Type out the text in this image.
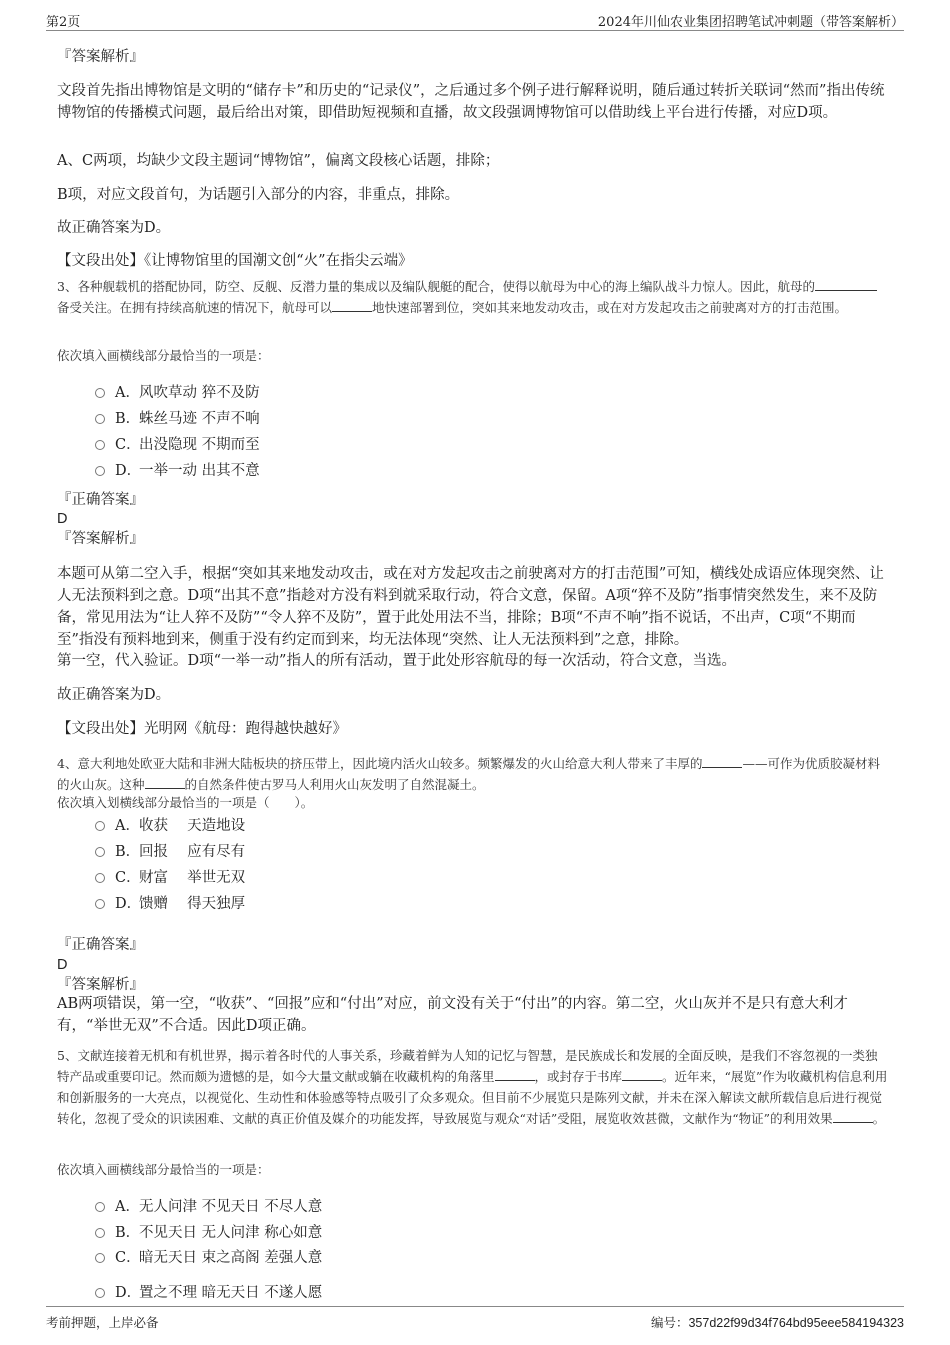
第2页	2024年川仙农业集团招聘笔试冲刺题（带答案解析）
『答案解析』
文段首先指出博物馆是文明的“储存卡”和历史的“记录仪”，之后通过多个例子进行解释说明，随后通过转折关联词“然而”指出传统博物馆的传播模式问题，最后给出对策，即借助短视频和直播，故文段强调博物馆可以借助线上平台进行传播，对应D项。
A、C两项，均缺少文段主题词“博物馆”，偏离文段核心话题，排除；
B项，对应文段首句，为话题引入部分的内容，非重点，排除。
故正确答案为D。
【文段出处】《让博物馆里的国潮文创“火”在指尖云端》
3、各种舰载机的搭配协同，防空、反舰、反潜力量的集成以及编队舰艇的配合，使得以航母为中心的海上编队战斗力惊人。因此，航母的备受关注。在拥有持续高航速的情况下，航母可以	地快速部署到位，突如其来地发动攻击，或在对方发起攻击之前驶离对方的打击范围。
依次填入画横线部分最恰当的一项是：
A．风吹草动 猝不及防
B．蛛丝马迹 不声不响
C．出没隐现 不期而至
D．一举一动 出其不意
『正确答案』
D
『答案解析』
本题可从第二空入手，根据“突如其来地发动攻击，或在对方发起攻击之前驶离对方的打击范围”可知，横线处成语应体现突然、让人无法预料到之意。D项“出其不意”指趁对方没有料到就采取行动，符合文意，保留。A项“猝不及防”指事情突然发生，来不及防备，常见用法为“让人猝不及防”“令人猝不及防”，置于此处用法不当，排除；B项“不声不响”指不说话，不出声，C项“不期而至”指没有预料地到来，侧重于没有约定而到来，均无法体现“突然、让人无法预料到”之意，排除。
第一空，代入验证。D项“一举一动”指人的所有活动，置于此处形容航母的每一次活动，符合文意，当选。
故正确答案为D。
【文段出处】光明网《航母：跑得越快越好》
4、意大利地处欧亚大陆和非洲大陆板块的挤压带上，因此境内活火山较多。频繁爆发的火山给意大利人带来了丰厚的	——可作为优质胶凝材料的火山灰。这种	的自然条件使古罗马人利用火山灰发明了自然混凝土。
依次填入划横线部分最恰当的一项是（　　）。
A．收获　 天造地设
B．回报　 应有尽有
C．财富　 举世无双
D．馈赠　 得天独厚
『正确答案』
D
『答案解析』
AB两项错误，第一空，“收获”、“回报”应和“付出”对应，前文没有关于“付出”的内容。第二空，火山灰并不是只有意大利才有，“举世无双”不合适。因此D项正确。
5、文献连接着无机和有机世界，揭示着各时代的人事关系，珍藏着鲜为人知的记忆与智慧，是民族成长和发展的全面反映，是我们不容忽视的一类独特产品或重要印记。然而颇为遗憾的是，如今大量文献或躺在收藏机构的角落里	，或封存于书库	。近年来，“展览”作为收藏机构信息利用和创新服务的一大亮点，以视觉化、生动性和体验感等特点吸引了众多观众。但目前不少展览只是陈列文献，并未在深入解读文献所载信息后进行视觉转化，忽视了受众的识读困难、文献的真正价值及媒介的功能发挥，导致展览与观众“对话”受阻，展览收效甚微，文献作为“物证”的利用效果	。
依次填入画横线部分最恰当的一项是：
A．无人问津 不见天日 不尽人意
B．不见天日 无人问津 称心如意
C．暗无天日 束之高阁 差强人意
D．置之不理 暗无天日 不遂人愿
考前押题，上岸必备	编号：357d22f99d34f764bd95eee584194323
